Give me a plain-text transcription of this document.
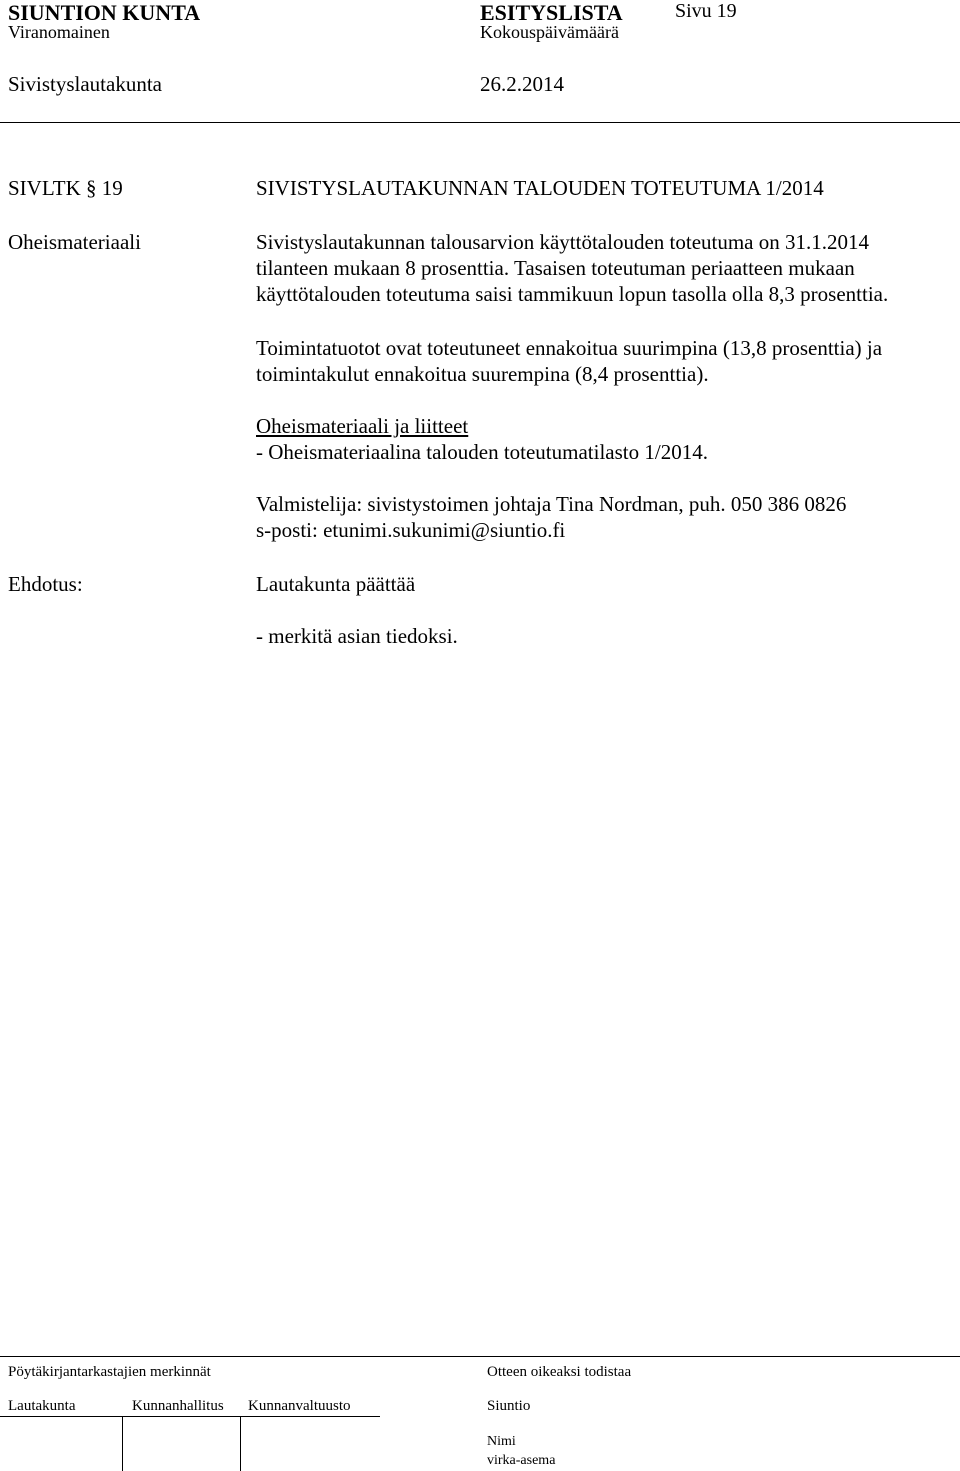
SIUNTION KUNTA	ESITYSLISTA	Sivu 19
Viranomainen	Kokouspäivämäärä
Sivistyslautakunta	26.2.2014
SIVLTK § 19	SIVISTYSLAUTAKUNNAN TALOUDEN TOTEUTUMA 1/2014
Oheismateriaali	Sivistyslautakunnan talousarvion käyttötalouden toteutuma on 31.1.2014
tilanteen mukaan 8 prosenttia. Tasaisen toteutuman periaatteen mukaan
käyttötalouden toteutuma saisi tammikuun lopun tasolla olla 8,3 prosenttia.
Toimintatuotot ovat toteutuneet ennakoitua suurimpina (13,8 prosenttia) ja
toimintakulut ennakoitua suurempina (8,4 prosenttia).
Oheismateriaali ja liitteet
- Oheismateriaalina talouden toteutumatilasto 1/2014.
Valmistelija: sivistystoimen johtaja Tina Nordman, puh. 050 386 0826
s-posti: etunimi.sukunimi@siuntio.fi
Ehdotus:	Lautakunta päättää
- merkitä asian tiedoksi.
Pöytäkirjantarkastajien merkinnät	Otteen oikeaksi todistaa
Lautakunta	Kunnanhallitus Kunnanvaltuusto	Siuntio
Nimi
virka-asema
